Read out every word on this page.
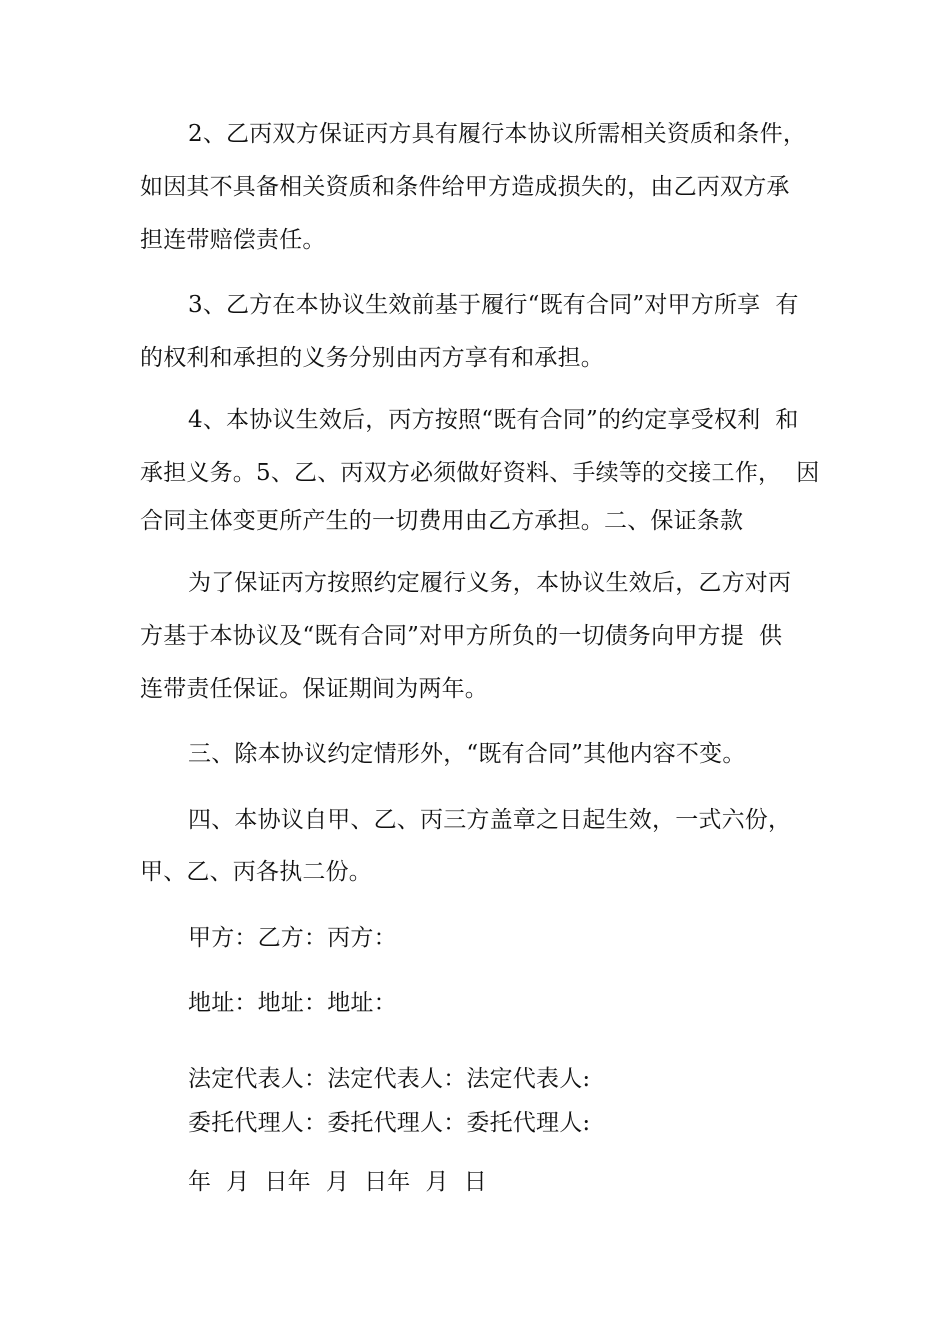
2、乙丙双方保证丙方具有履行本协议所需相关资质和条件，
如因其不具备相关资质和条件给甲方造成损失的，由乙丙双方承
担连带赔偿责任。
3、乙方在本协议生效前基于履行“既有合同”对甲方所享  有
的权利和承担的义务分别由丙方享有和承担。
4、本协议生效后，丙方按照“既有合同”的约定享受权利  和
承担义务。5、乙、丙双方必须做好资料、手续等的交接工作，  因
合同主体变更所产生的一切费用由乙方承担。二、保证条款
为了保证丙方按照约定履行义务，本协议生效后，乙方对丙
方基于本协议及“既有合同”对甲方所负的一切债务向甲方提  供
连带责任保证。保证期间为两年。
三、除本协议约定情形外，“既有合同”其他内容不变。
四、本协议自甲、乙、丙三方盖章之日起生效，一式六份，
甲、乙、丙各执二份。
甲方：乙方：丙方：
地址：地址：地址：
法定代表人：法定代表人：法定代表人:
委托代理人：委托代理人：委托代理人:
年  月  日年  月  日年  月  日
